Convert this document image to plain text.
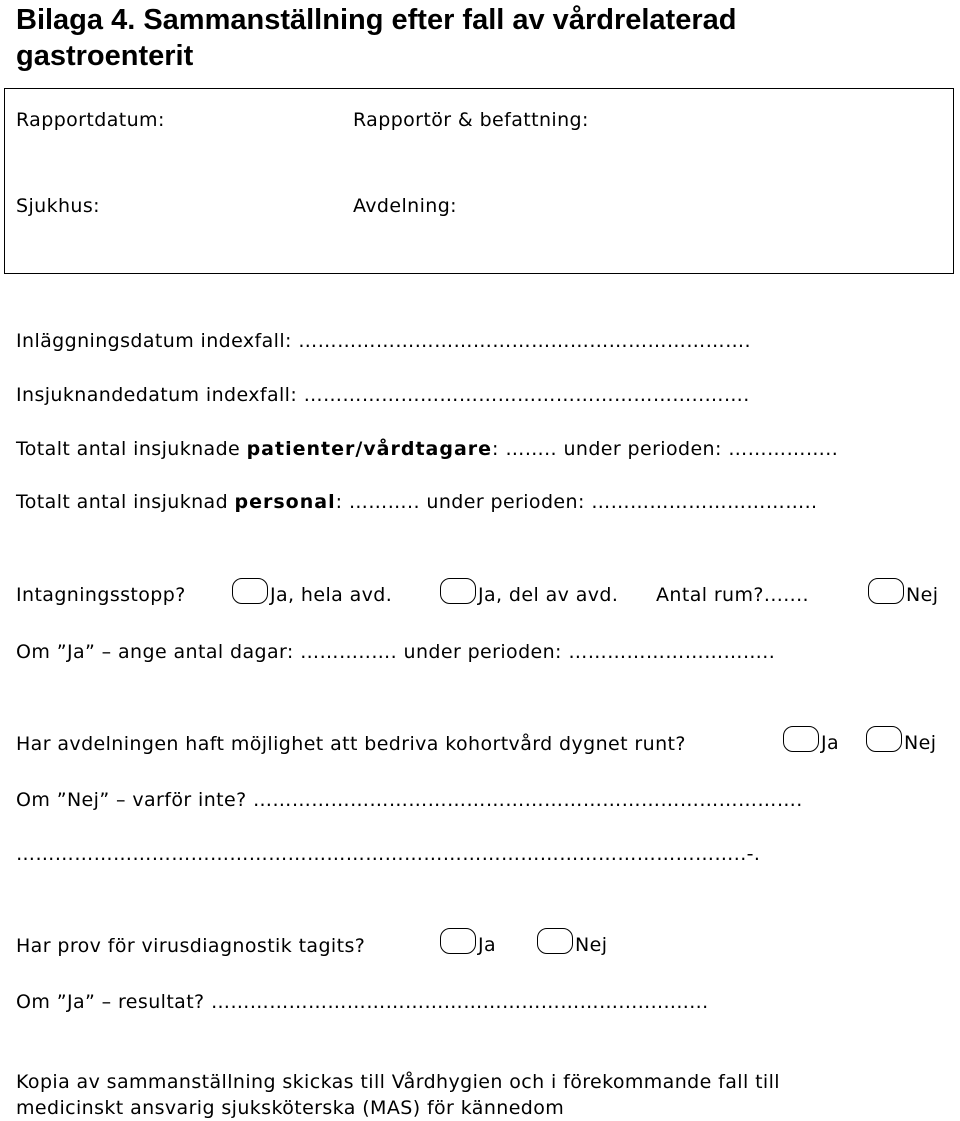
Bilaga 4. Sammanställning efter fall av vårdrelaterad gastroenterit
Rapportdatum:	Rapportör & befattning:
Sjukhus:	Avdelning:
Inläggningsdatum indexfall: …………………………………………………………….
Insjuknandedatum indexfall: ……………………………………………………..…….
Totalt antal insjuknade patienter/vårdtagare: …….. under perioden: ……………..
Totalt antal insjuknad personal: ……….. under perioden: ……………………………..
Intagningsstopp?	Ja, hela avd.	Ja, del av avd. Antal rum?.......	Nej
Om ”Ja” – ange antal dagar: ………..…. under perioden: …………………………..
Har avdelningen haft möjlighet att bedriva kohortvård dygnet runt?	Ja	Nej
Om ”Nej” – varför inte? ………………………………………………………………………….
…………………………………………………………………………………………………..-.
Har prov för virusdiagnostik tagits?	Ja	Nej
Om ”Ja” – resultat? ………………………………………………………..............
Kopia av sammanställning skickas till Vårdhygien och i förekommande fall till
medicinskt ansvarig sjuksköterska (MAS) för kännedom
